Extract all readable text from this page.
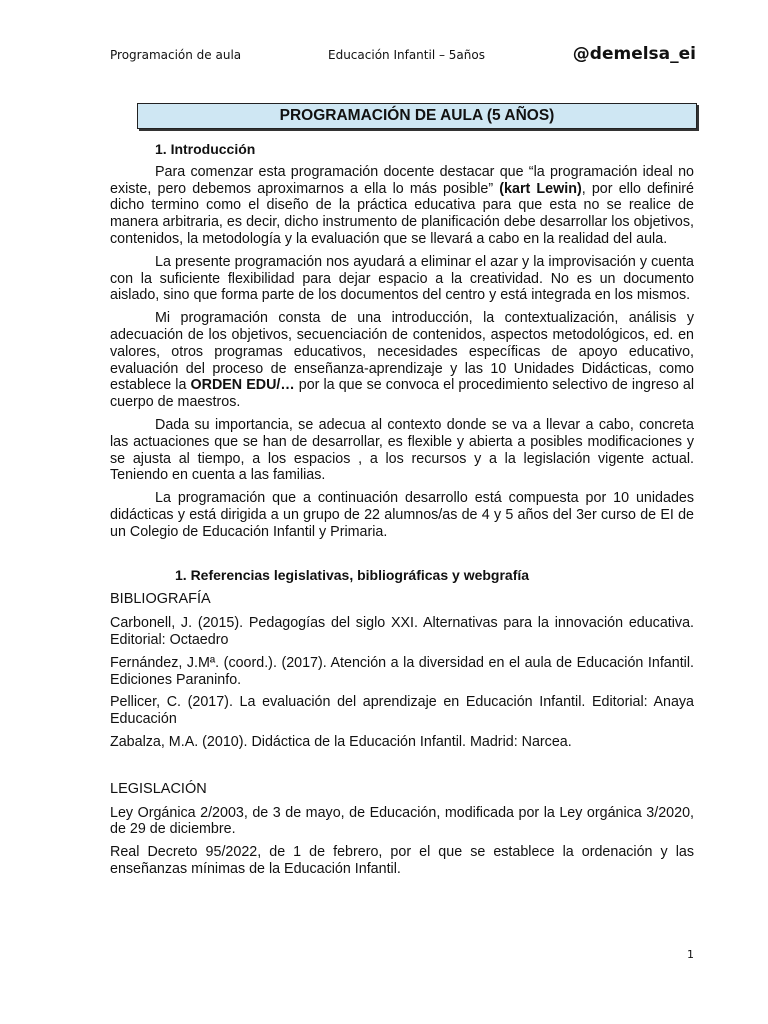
Programación de aula	Educación Infantil – 5años	@demelsa_ei
PROGRAMACIÓN DE AULA (5 AÑOS)
1. Introducción

Para comenzar esta programación docente destacar que “la programación ideal no existe, pero debemos aproximarnos a ella lo más posible” (kart Lewin), por ello definiré dicho termino como el diseño de la práctica educativa para que esta no se realice de manera arbitraria, es decir, dicho instrumento de planificación debe desarrollar los objetivos, contenidos, la metodología y la evaluación que se llevará a cabo en la realidad del aula.

La presente programación nos ayudará a eliminar el azar y la improvisación y cuenta con la suficiente flexibilidad para dejar espacio a la creatividad. No es un documento aislado, sino que forma parte de los documentos del centro y está integrada en los mismos.

Mi programación consta de una introducción, la contextualización, análisis y adecuación de los objetivos, secuenciación de contenidos, aspectos metodológicos, ed. en valores, otros programas educativos, necesidades específicas de apoyo educativo, evaluación del proceso de enseñanza-aprendizaje y las 10 Unidades Didácticas, como establece la ORDEN EDU/… por la que se convoca el procedimiento selectivo de ingreso al cuerpo de maestros.

Dada su importancia, se adecua al contexto donde se va a llevar a cabo, concreta las actuaciones que se han de desarrollar, es flexible y abierta a posibles modificaciones y se ajusta al tiempo, a los espacios , a los recursos y a la legislación vigente actual. Teniendo en cuenta a las familias.

La programación que a continuación desarrollo está compuesta por 10 unidades didácticas y está dirigida a un grupo de 22 alumnos/as de 4 y 5 años del 3er curso de EI de un Colegio de Educación Infantil y Primaria.

1. Referencias legislativas, bibliográficas y webgrafía
BIBLIOGRAFÍA
Carbonell, J. (2015). Pedagogías del siglo XXI. Alternativas para la innovación educativa. Editorial: Octaedro
Fernández, J.Mª. (coord.). (2017). Atención a la diversidad en el aula de Educación Infantil. Ediciones Paraninfo.
Pellicer, C. (2017). La evaluación del aprendizaje en Educación Infantil. Editorial: Anaya Educación
Zabalza, M.A. (2010). Didáctica de la Educación Infantil. Madrid: Narcea.
LEGISLACIÓN
Ley Orgánica 2/2003, de 3 de mayo, de Educación, modificada por la Ley orgánica 3/2020, de 29 de diciembre.
Real Decreto 95/2022, de 1 de febrero, por el que se establece la ordenación y las enseñanzas mínimas de la Educación Infantil.
1
